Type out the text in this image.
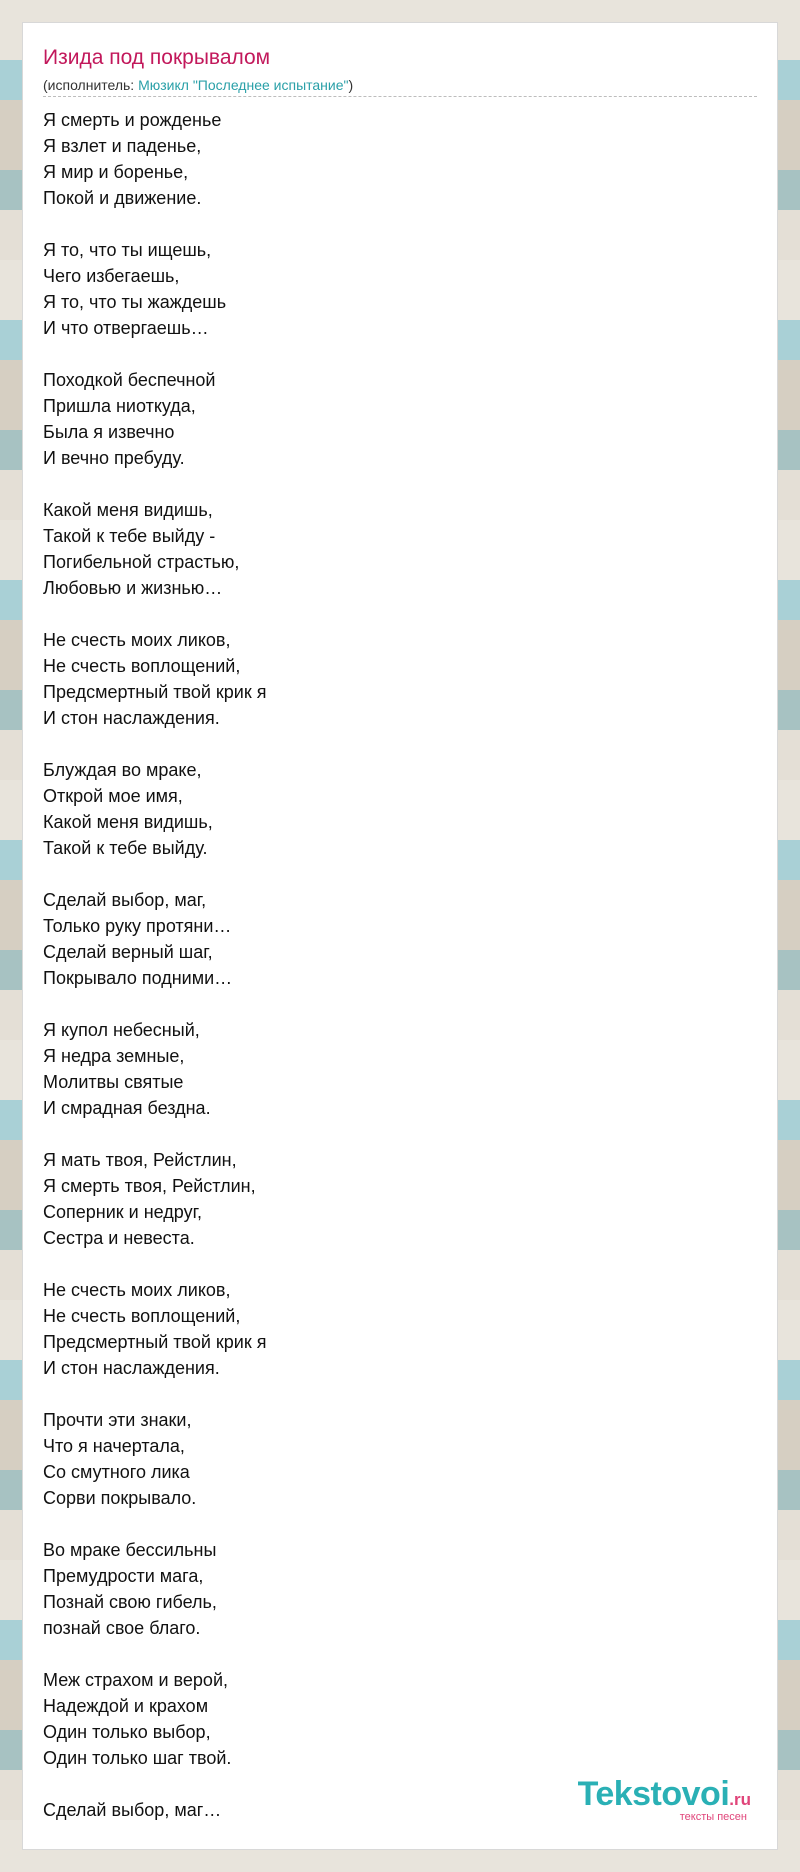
Изида под покрывалом
(исполнитель: Мюзикл "Последнее испытание")
Я смерть и рожденье
Я взлет и паденье,
Я мир и боренье,
Покой и движение.
Я то, что ты ищешь,
Чего избегаешь,
Я то, что ты жаждешь
И что отвергаешь…
Походкой беспечной
Пришла ниоткуда,
Была я извечно
И вечно пребуду.
Какой меня видишь,
Такой к тебе выйду -
Погибельной страстью,
Любовью и жизнью…
Не счесть моих ликов,
Не счесть воплощений,
Предсмертный твой крик я
И стон наслаждения.
Блуждая во мраке,
Открой мое имя,
Какой меня видишь,
Такой к тебе выйду.
Сделай выбор, маг,
Только руку протяни…
Сделай верный шаг,
Покрывало подними…
Я купол небесный,
Я недра земные,
Молитвы святые
И смрадная бездна.
Я мать твоя, Рейстлин,
Я смерть твоя, Рейстлин,
Соперник и недруг,
Сестра и невеста.
Не счесть моих ликов,
Не счесть воплощений,
Предсмертный твой крик я
И стон наслаждения.
Прочти эти знаки,
Что я начертала,
Со смутного лика
Сорви покрывало.
Во мраке бессильны
Премудрости мага,
Познай свою гибель,
познай свое благо.
Меж страхом и верой,
Надеждой и крахом
Один только выбор,
Один только шаг твой.
Сделай выбор, маг…	Tekstovoi.ru
тексты песен
